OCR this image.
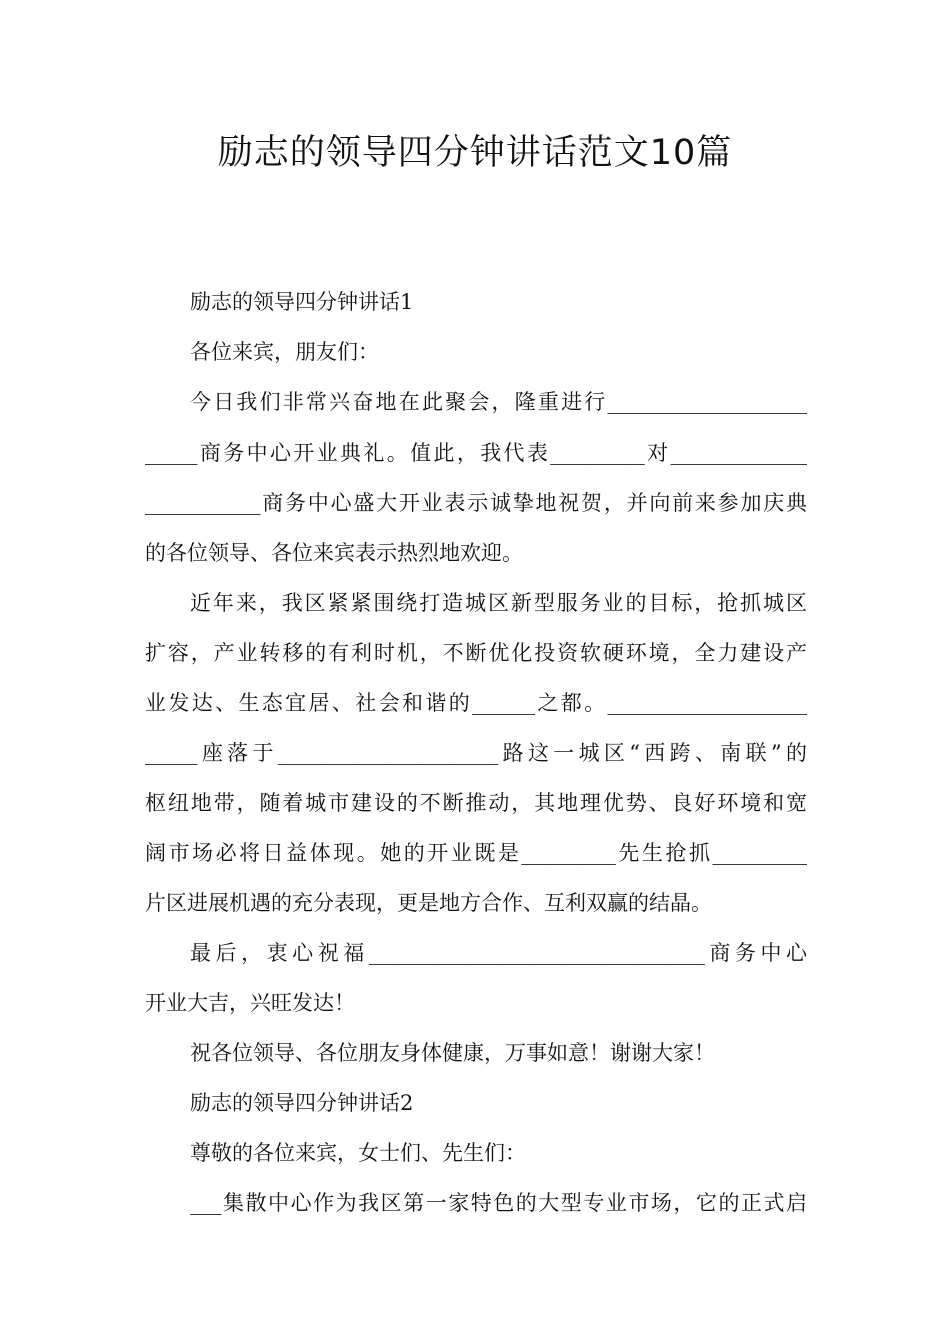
励志的领导四分钟讲话范文10篇
励志的领导四分钟讲话1
各位来宾，朋友们：
今日我们非常兴奋地在此聚会，隆重进行___________________
_____商务中心开业典礼。值此，我代表_________对_____________
___________商务中心盛大开业表示诚挚地祝贺，并向前来参加庆典
的各位领导、各位来宾表示热烈地欢迎。
近年来，我区紧紧围绕打造城区新型服务业的目标，抢抓城区
扩容，产业转移的有利时机，不断优化投资软硬环境，全力建设产
业发达、生态宜居、社会和谐的______之都。___________________
_____座落于_____________________路这一城区“西跨、南联”的
枢纽地带，随着城市建设的不断推动，其地理优势、良好环境和宽
阔市场必将日益体现。她的开业既是_________先生抢抓_________
片区进展机遇的充分表现，更是地方合作、互利双赢的结晶。
最后，衷心祝福________________________________商务中心
开业大吉，兴旺发达！
祝各位领导、各位朋友身体健康，万事如意！谢谢大家！
励志的领导四分钟讲话2
尊敬的各位来宾，女士们、先生们：
___集散中心作为我区第一家特色的大型专业市场，它的正式启
